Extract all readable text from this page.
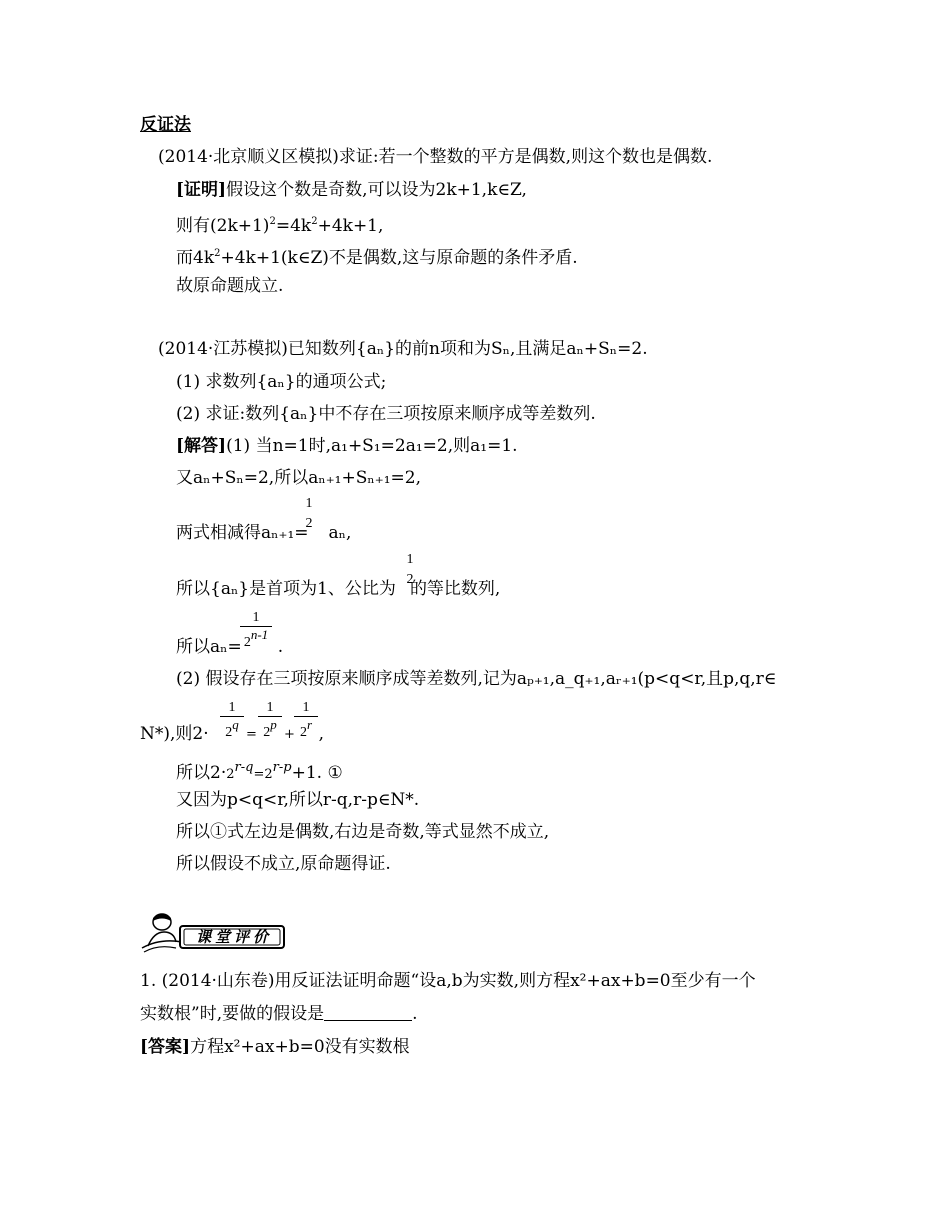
反证法
(2014·北京顺义区模拟)求证:若一个整数的平方是偶数,则这个数也是偶数.
[证明]假设这个数是奇数,可以设为2k+1,k∈Z,
则有$(2k+1)^2=4k^2+4k+1$,
而$4k^2+4k+1(k\in Z)$不是偶数,这与原命题的条件矛盾.
故原命题成立.
(2014·江苏模拟)已知数列{aₙ}的前n项和为Sₙ,且满足aₙ+Sₙ=2.
(1) 求数列{aₙ}的通项公式;
(2) 求证:数列{aₙ}中不存在三项按原来顺序成等差数列.
[解答](1) 当n=1时,a₁+S₁=2a₁=2,则a₁=1.
又aₙ+Sₙ=2,所以aₙ₊₁+Sₙ₊₁=2,
两式相减得aₙ₊₁= aₙ,
1
2
所以{aₙ}是首项为1、公比为 的等比数列,
1
2
所以aₙ= .
1
2$^{n-1}$
(2) 假设存在三项按原来顺序成等差数列,记为aₚ₊₁,a_q₊₁,aᵣ₊₁(p<q<r,且p,q,r∈
N*),则2·	,
1
$2^q$
=
1
$2^p$
+
1
2$^r$
所以$2\cdot 2^{r-q}=2^{r-p}+1$. ①
又因为p<q<r,所以r-q,r-p∈N*.
所以①式左边是偶数,右边是奇数,等式显然不成立,
所以假设不成立,原命题得证.
课堂评价
1. (2014·山东卷)用反证法证明命题“设a,b为实数,则方程x²+ax+b=0至少有一个
实数根”时,要做的假设是	.
[答案]方程x²+ax+b=0没有实数根
